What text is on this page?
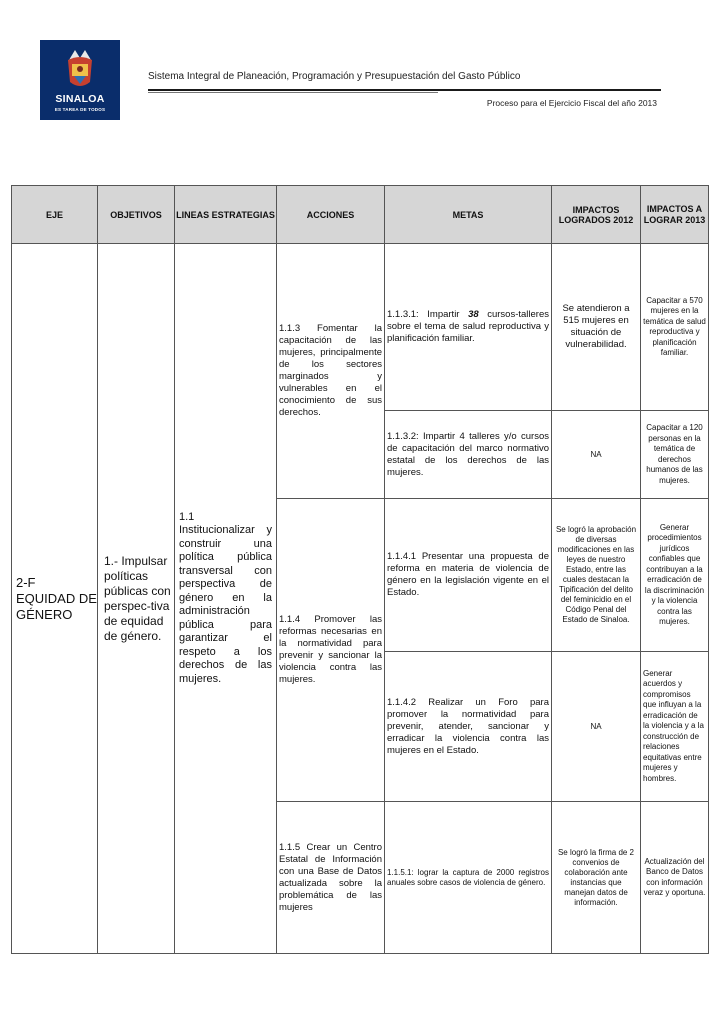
SINALOA
ES TAREA DE TODOS
Sistema Integral de Planeación, Programación y Presupuestación del Gasto Público
Proceso para el Ejercicio Fiscal del año 2013
EJE	OBJETIVOS	LINEAS ESTRATEGIAS	ACCIONES	METAS	IMPACTOS LOGRADOS 2012	IMPACTOS A LOGRAR 2013
2-F EQUIDAD DE GÉNERO	1.- Impulsar políticas públicas con perspec-tiva de equidad de género.	1.1 Institucionalizar y construir una política pública transversal con perspectiva de género en la administración pública para garantizar el respeto a los derechos de las mujeres.	1.1.3 Fomentar la capacitación de las mujeres, principalmente de los sectores marginados y vulnerables en el conocimiento de sus derechos.	1.1.3.1: Impartir 38 cursos-talleres sobre el tema de salud reproductiva y planificación familiar.	Se atendieron a 515 mujeres en situación de vulnerabilidad.	Capacitar a 570 mujeres en la temática de salud reproductiva y planificación familiar.
				1.1.3.2: Impartir 4 talleres y/o cursos de capacitación del marco normativo estatal de los derechos de las mujeres.	NA	Capacitar a 120 personas en la temática de derechos humanos de las mujeres.
			1.1.4 Promover las reformas necesarias en la normatividad para prevenir y sancionar la violencia contra las mujeres.	1.1.4.1 Presentar una propuesta de reforma en materia de violencia de género en la legislación vigente en el Estado.	Se logró la aprobación de diversas modificaciones en las leyes de nuestro Estado, entre las cuales destacan la Tipificación del delito del feminicidio en el Código Penal del Estado de Sinaloa.	Generar procedimientos jurídicos confiables que contribuyan a la erradicación de la discriminación y la violencia contra las mujeres.
				1.1.4.2 Realizar un Foro para promover la normatividad para prevenir, atender, sancionar y erradicar la violencia contra las mujeres en el Estado.	NA	Generar acuerdos y compromisos que influyan a la erradicación de la violencia y a la construcción de relaciones equitativas entre mujeres y hombres.
			1.1.5 Crear un Centro Estatal de Información con una Base de Datos actualizada sobre la problemática de las mujeres	1.1.5.1: lograr la captura de 2000 registros anuales sobre casos de violencia de género.	Se logró la firma de 2 convenios de colaboración ante instancias que manejan datos de información.	Actualización del Banco de Datos con información veraz y oportuna.
